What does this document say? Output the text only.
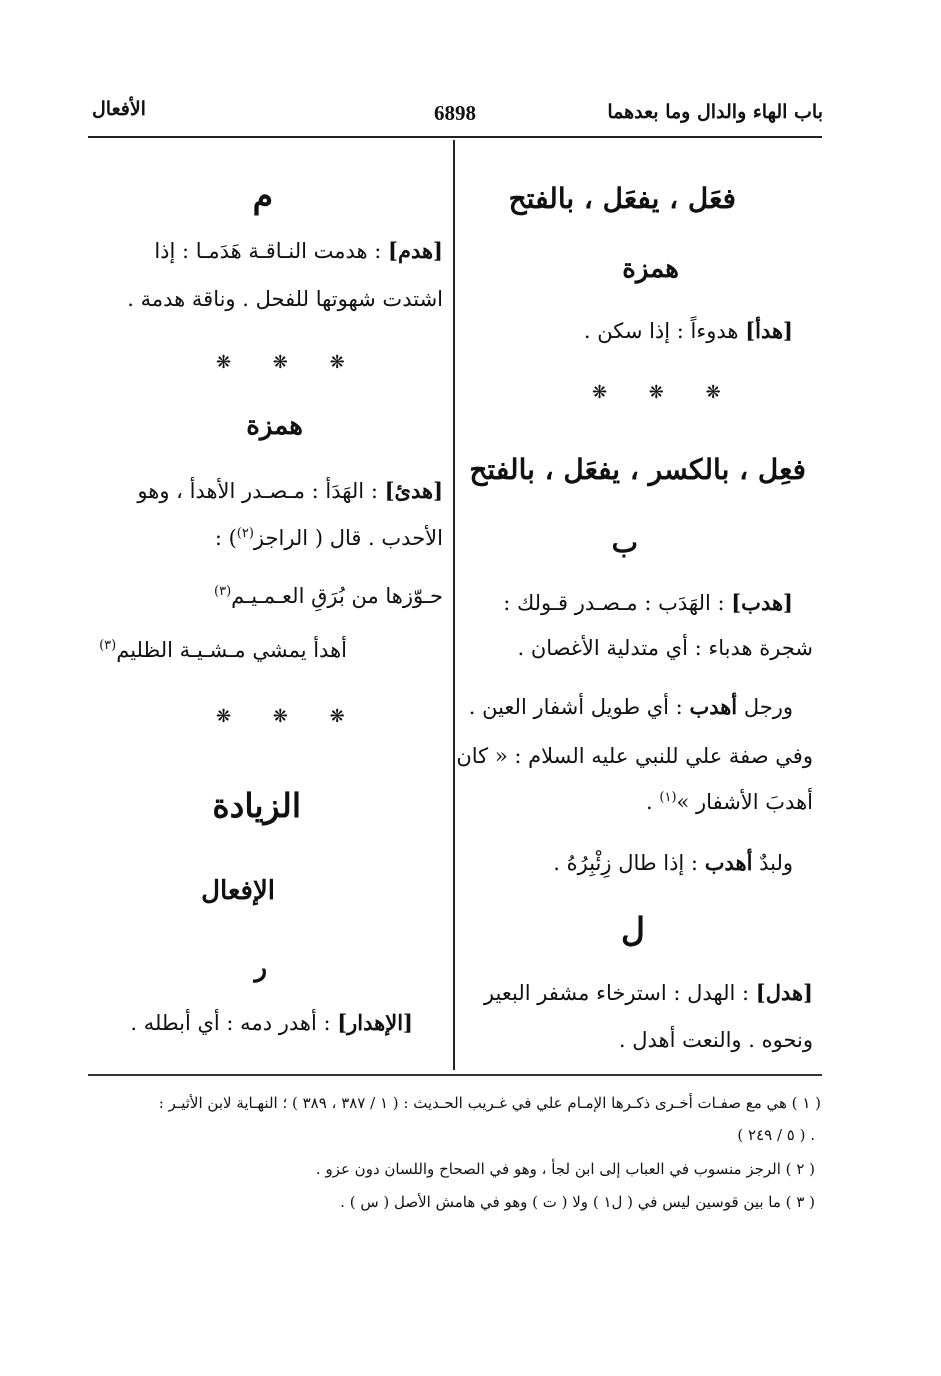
باب الهاء والدال وما بعدهما
6898
الأفعال
فعَل ، يفعَل ، بالفتح
همزة
[هدأ] هدوءاً : إذا سكن .
❋ ❋ ❋
فعِل ، بالكسر ، يفعَل ، بالفتح
ب
[هدب] : الهَدَب : مـصـدر قـولك :
شجرة هدباء : أي متدلية الأغصان .
ورجل أهدب : أي طويل أشفار العين .
وفي صفة علي للنبي عليه السلام : « كان
أهدبَ الأشفار »$^{(١)}$ .
ولبدٌ أهدب : إذا طال زِئْبِرُهُ .
ل
[هدل] : الهدل : استرخاء مشفر البعير
ونحوه . والنعت أهدل .
م
[هدم] : هدمت النـاقـة هَدَمـا : إذا
اشتدت شهوتها للفحل . وناقة هدمة .
❋ ❋ ❋
همزة
[هدئ] : الهَدَأ : مـصـدر الأهدأ ، وهو
الأحدب . قال ( الراجز$^{(٢)}$) :
حـوّزها من بُرَقِ العـمـيـم$^{(٣)}$
أهدأ يمشي مـشـيـة الظليم$^{(٣)}$
❋ ❋ ❋
الزيادة
الإفعال
ر
[الإهدار] : أهدر دمه : أي أبطله .
( ١ ) هي مع صفـات أخـرى ذكـرها الإمـام علي في غـريب الحـديث : ( ١ / ٣٨٧ ، ٣٨٩ ) ؛ النهـاية لابن الأثيـر :
( ٥ / ٢٤٩ ) .
( ٢ ) الرجز منسوب في العباب إلى ابن لجأ ، وهو في الصحاح واللسان دون عزو .
( ٣ ) ما بين قوسين ليس في ( ل١ ) ولا ( ت ) وهو في هامش الأصل ( س ) .
